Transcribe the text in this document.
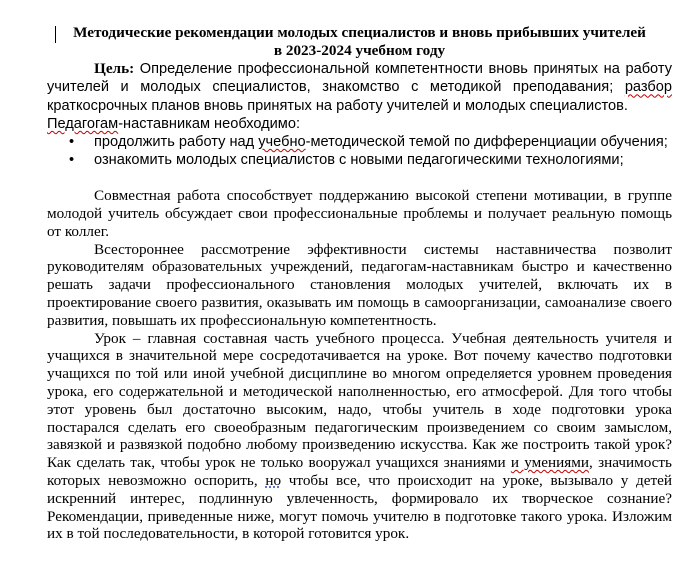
Методические рекомендации молодых специалистов и вновь прибывших учителей
в 2023-2024 учебном году

Цель: Определение профессиональной компетентности вновь принятых на работу учителей и молодых специалистов, знакомство с методикой преподавания; разбор краткосрочных планов вновь принятых на работу учителей и молодых специалистов.

Педагогам-наставникам необходимо:

• продолжить работу над учебно-методической темой по дифференциации обучения;
• ознакомить молодых специалистов с новыми педагогическими технологиями;

Совместная работа способствует поддержанию высокой степени мотивации, в группе молодой учитель обсуждает свои профессиональные проблемы и получает реальную помощь от коллег.

Всестороннее рассмотрение эффективности системы наставничества позволит руководителям образовательных учреждений, педагогам-наставникам быстро и качественно решать задачи профессионального становления молодых учителей, включать их в проектирование своего развития, оказывать им помощь в самоорганизации, самоанализе своего развития, повышать их профессиональную компетентность.

Урок – главная составная часть учебного процесса. Учебная деятельность учителя и учащихся в значительной мере сосредотачивается на уроке. Вот почему качество подготовки учащихся по той или иной учебной дисциплине во многом определяется уровнем проведения урока, его содержательной и методической наполненностью, его атмосферой. Для того чтобы этот уровень был достаточно высоким, надо, чтобы учитель в ходе подготовки урока постарался сделать его своеобразным педагогическим произведением со своим замыслом, завязкой и развязкой подобно любому произведению искусства. Как же построить такой урок? Как сделать так, чтобы урок не только вооружал учащихся знаниями и умениями, значимость которых невозможно оспорить, но чтобы все, что происходит на уроке, вызывало у детей искренний интерес, подлинную увлеченность, формировало их творческое сознание? Рекомендации, приведенные ниже, могут помочь учителю в подготовке такого урока. Изложим их в той последовательности, в которой готовится урок.
